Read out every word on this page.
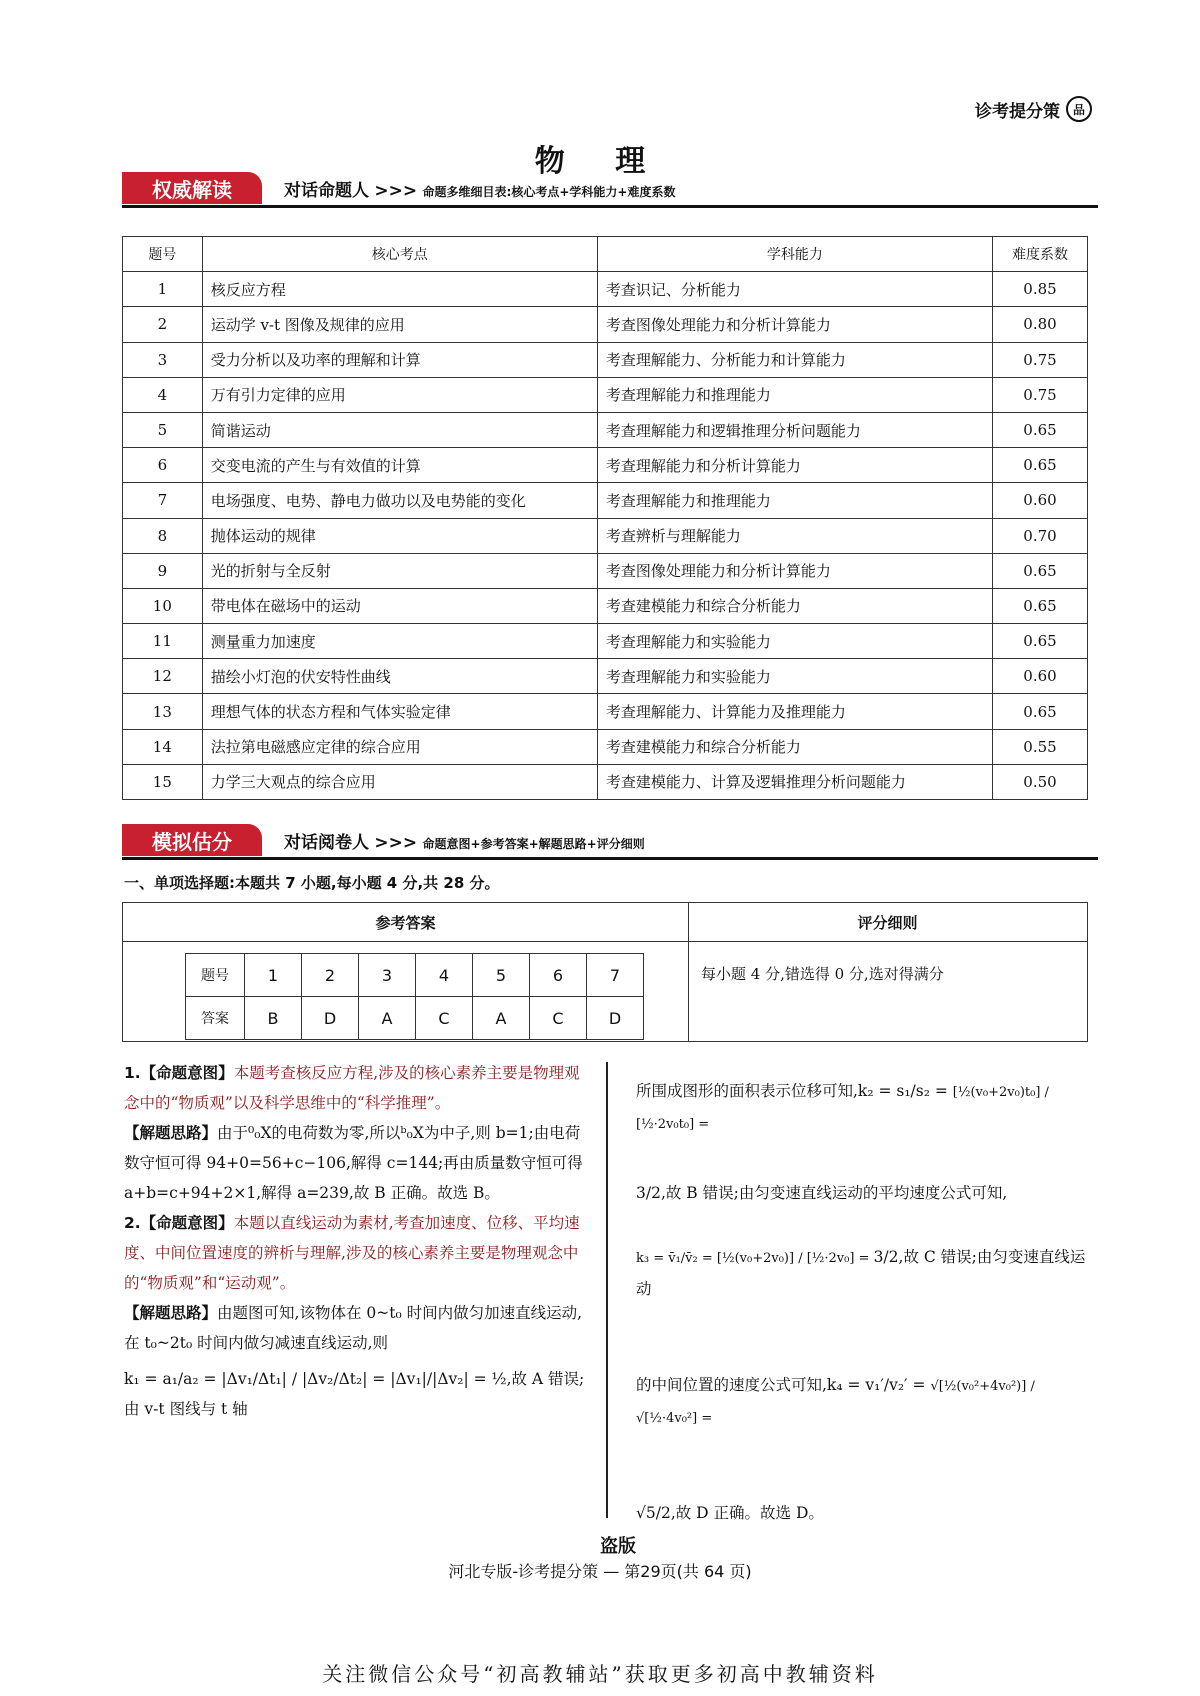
诊考提分策	品
物 理
权威解读	对话命题人 >>> 命题多维细目表:核心考点+学科能力+难度系数
题号	核心考点	学科能力	难度系数
1	核反应方程	考查识记、分析能力	0.85
2	运动学 v-t 图像及规律的应用	考查图像处理能力和分析计算能力	0.80
3	受力分析以及功率的理解和计算	考查理解能力、分析能力和计算能力	0.75
4	万有引力定律的应用	考查理解能力和推理能力	0.75
5	简谐运动	考查理解能力和逻辑推理分析问题能力	0.65
6	交变电流的产生与有效值的计算	考查理解能力和分析计算能力	0.65
7	电场强度、电势、静电力做功以及电势能的变化	考查理解能力和推理能力	0.60
8	抛体运动的规律	考查辨析与理解能力	0.70
9	光的折射与全反射	考查图像处理能力和分析计算能力	0.65
10	带电体在磁场中的运动	考查建模能力和综合分析能力	0.65
11	测量重力加速度	考查理解能力和实验能力	0.65
12	描绘小灯泡的伏安特性曲线	考查理解能力和实验能力	0.60
13	理想气体的状态方程和气体实验定律	考查理解能力、计算能力及推理能力	0.65
14	法拉第电磁感应定律的综合应用	考查建模能力和综合分析能力	0.55
15	力学三大观点的综合应用	考查建模能力、计算及逻辑推理分析问题能力	0.50
模拟估分	对话阅卷人 >>> 命题意图+参考答案+解题思路+评分细则
一、单项选择题:本题共 7 小题,每小题 4 分,共 28 分。
参考答案	评分细则
题号	1	2	3	4	5	6	7
答案	B	D	A	C	A	C	D
每小题 4 分,错选得 0 分,选对得满分

1.【命题意图】本题考查核反应方程,涉及的核心素养主要是物理观念中的“物质观”以及科学思维中的“科学推理”。

【解题思路】由于⁰₀X的电荷数为零,所以ᵇ₀X为中子,则 b=1;由电荷数守恒可得 94+0=56+c−106,解得 c=144;再由质量数守恒可得 a+b=c+94+2×1,解得 a=239,故 B 正确。故选 B。

2.【命题意图】本题以直线运动为素材,考查加速度、位移、平均速度、中间位置速度的辨析与理解,涉及的核心素养主要是物理观念中的“物质观”和“运动观”。

【解题思路】由题图可知,该物体在 0~t₀ 时间内做匀加速直线运动,在 t₀~2t₀ 时间内做匀减速直线运动,则

k₁ = a₁/a₂ = |Δv₁/Δt₁| / |Δv₂/Δt₂| = |Δv₁|/|Δv₂| = ½,故 A 错误;由 v-t 图线与 t 轴

所围成图形的面积表示位移可知,k₂ = s₁/s₂ = [½(v₀+2v₀)t₀] / [½·2v₀t₀] =

3/2,故 B 错误;由匀变速直线运动的平均速度公式可知,

k₃ = v̄₁/v̄₂ = [½(v₀+2v₀)] / [½·2v₀] = 3/2,故 C 错误;由匀变速直线运动

的中间位置的速度公式可知,k₄ = v₁′/v₂′ = √[½(v₀²+4v₀²)] / √[½·4v₀²] =

√5/2,故 D 正确。故选 D。

盗版
河北专版-诊考提分策 — 第29页(共 64 页)
关注微信公众号“初高教辅站”获取更多初高中教辅资料
